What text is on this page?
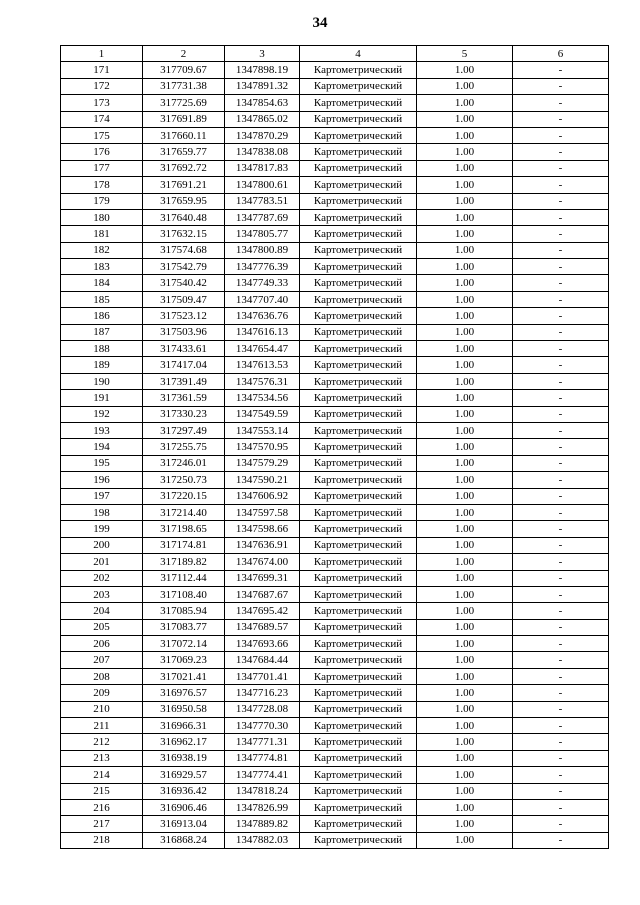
34
1	2	3	4	5	6
171	317709.67	1347898.19	Картометрический	1.00	-
172	317731.38	1347891.32	Картометрический	1.00	-
173	317725.69	1347854.63	Картометрический	1.00	-
174	317691.89	1347865.02	Картометрический	1.00	-
175	317660.11	1347870.29	Картометрический	1.00	-
176	317659.77	1347838.08	Картометрический	1.00	-
177	317692.72	1347817.83	Картометрический	1.00	-
178	317691.21	1347800.61	Картометрический	1.00	-
179	317659.95	1347783.51	Картометрический	1.00	-
180	317640.48	1347787.69	Картометрический	1.00	-
181	317632.15	1347805.77	Картометрический	1.00	-
182	317574.68	1347800.89	Картометрический	1.00	-
183	317542.79	1347776.39	Картометрический	1.00	-
184	317540.42	1347749.33	Картометрический	1.00	-
185	317509.47	1347707.40	Картометрический	1.00	-
186	317523.12	1347636.76	Картометрический	1.00	-
187	317503.96	1347616.13	Картометрический	1.00	-
188	317433.61	1347654.47	Картометрический	1.00	-
189	317417.04	1347613.53	Картометрический	1.00	-
190	317391.49	1347576.31	Картометрический	1.00	-
191	317361.59	1347534.56	Картометрический	1.00	-
192	317330.23	1347549.59	Картометрический	1.00	-
193	317297.49	1347553.14	Картометрический	1.00	-
194	317255.75	1347570.95	Картометрический	1.00	-
195	317246.01	1347579.29	Картометрический	1.00	-
196	317250.73	1347590.21	Картометрический	1.00	-
197	317220.15	1347606.92	Картометрический	1.00	-
198	317214.40	1347597.58	Картометрический	1.00	-
199	317198.65	1347598.66	Картометрический	1.00	-
200	317174.81	1347636.91	Картометрический	1.00	-
201	317189.82	1347674.00	Картометрический	1.00	-
202	317112.44	1347699.31	Картометрический	1.00	-
203	317108.40	1347687.67	Картометрический	1.00	-
204	317085.94	1347695.42	Картометрический	1.00	-
205	317083.77	1347689.57	Картометрический	1.00	-
206	317072.14	1347693.66	Картометрический	1.00	-
207	317069.23	1347684.44	Картометрический	1.00	-
208	317021.41	1347701.41	Картометрический	1.00	-
209	316976.57	1347716.23	Картометрический	1.00	-
210	316950.58	1347728.08	Картометрический	1.00	-
211	316966.31	1347770.30	Картометрический	1.00	-
212	316962.17	1347771.31	Картометрический	1.00	-
213	316938.19	1347774.81	Картометрический	1.00	-
214	316929.57	1347774.41	Картометрический	1.00	-
215	316936.42	1347818.24	Картометрический	1.00	-
216	316906.46	1347826.99	Картометрический	1.00	-
217	316913.04	1347889.82	Картометрический	1.00	-
218	316868.24	1347882.03	Картометрический	1.00	-
